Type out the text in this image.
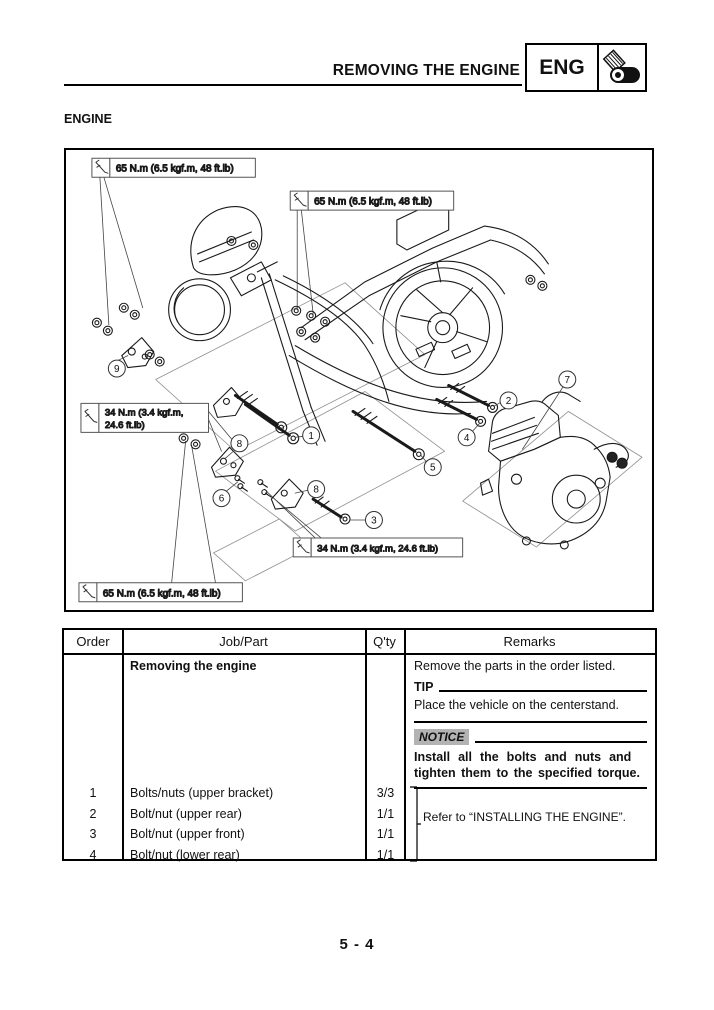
REMOVING THE ENGINE ENG
ENGINE
65 N.m (6.5 kgf.m, 48 ft.lb)
65 N.m (6.5 kgf.m, 48 ft.lb)
34 N.m (3.4 kgf.m,
24.6 ft.lb)
34 N.m (3.4 kgf.m, 24.6 ft.lb)
65 N.m (6.5 kgf.m, 48 ft.lb)
1
2
3
4
5
6
7
8
8
9
Order	Job/Part	Q'ty	Remarks
Removing the engine
1	Bolts/nuts (upper bracket)	3/3
2	Bolt/nut (upper rear)	1/1
3	Bolt/nut (upper front)	1/1
4	Bolt/nut (lower rear)	1/1
Remove the parts in the order listed.
TIP
Place the vehicle on the centerstand.
NOTICE
Install all the bolts and nuts and
tighten them to the specified torque.
Refer to “INSTALLING THE ENGINE”.
5 - 4
